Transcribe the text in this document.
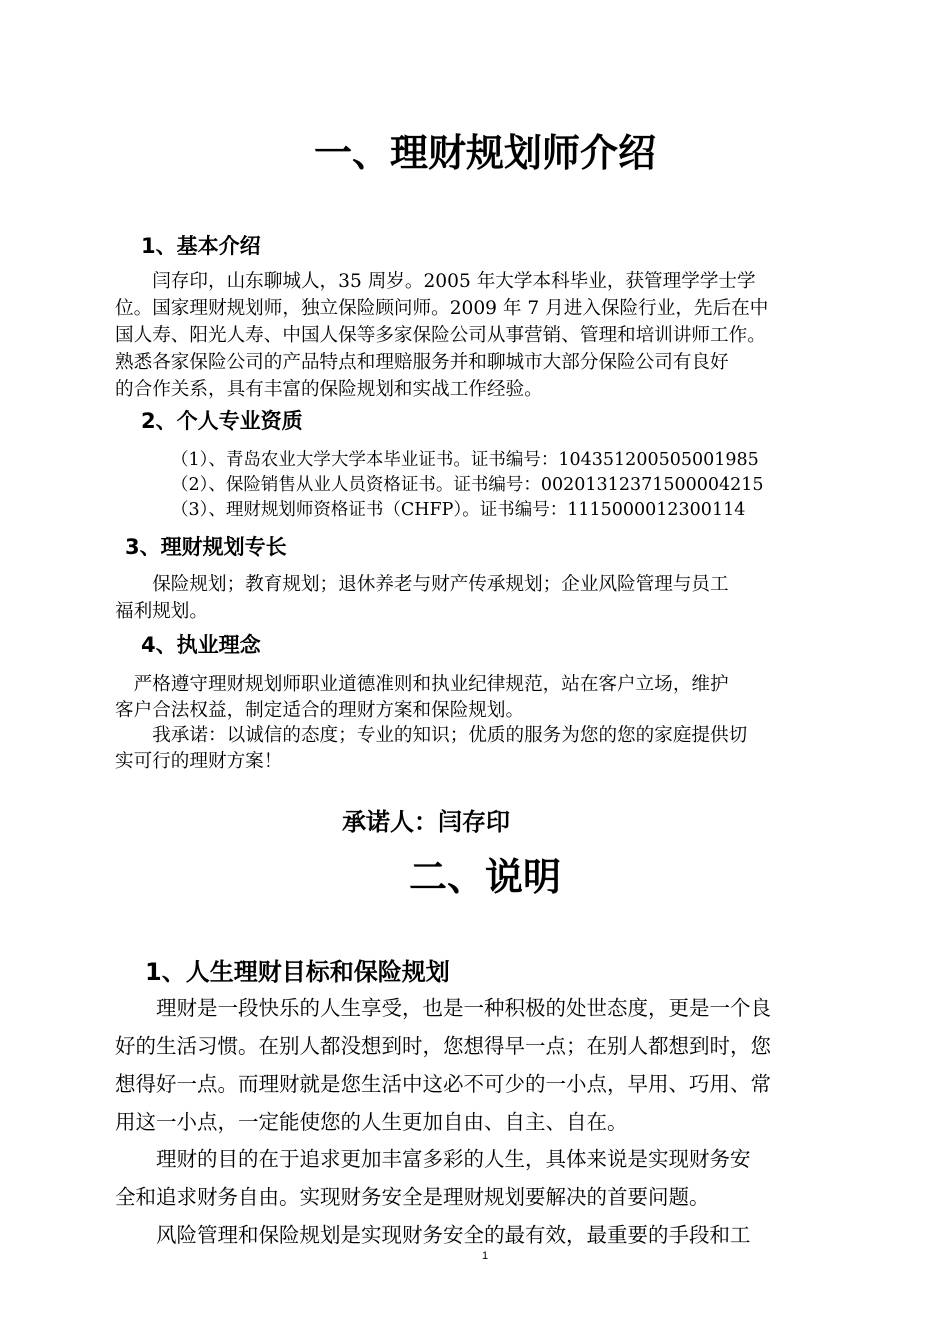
一、理财规划师介绍
1、基本介绍
　　闫存印，山东聊城人，35 周岁。2005 年大学本科毕业，获管理学学士学
位。国家理财规划师，独立保险顾问师。2009 年 7 月进入保险行业，先后在中
国人寿、阳光人寿、中国人保等多家保险公司从事营销、管理和培训讲师工作。
熟悉各家保险公司的产品特点和理赔服务并和聊城市大部分保险公司有良好
的合作关系，具有丰富的保险规划和实战工作经验。
2、个人专业资质
（1）、青岛农业大学大学本毕业证书。证书编号：104351200505001985
（2）、保险销售从业人员资格证书。证书编号：00201312371500004215
（3）、理财规划师资格证书（CHFP）。证书编号：1115000012300114
3、理财规划专长
　　保险规划；教育规划；退休养老与财产传承规划；企业风险管理与员工
福利规划。
4、执业理念
　严格遵守理财规划师职业道德准则和执业纪律规范，站在客户立场，维护
客户合法权益，制定适合的理财方案和保险规划。
　　我承诺：以诚信的态度；专业的知识；优质的服务为您的您的家庭提供切
实可行的理财方案！
承诺人：闫存印
二、说明
1、人生理财目标和保险规划
　　理财是一段快乐的人生享受，也是一种积极的处世态度，更是一个良
好的生活习惯。在别人都没想到时，您想得早一点；在别人都想到时，您
想得好一点。而理财就是您生活中这必不可少的一小点，早用、巧用、常
用这一小点，一定能使您的人生更加自由、自主、自在。
　　理财的目的在于追求更加丰富多彩的人生，具体来说是实现财务安
全和追求财务自由。实现财务安全是理财规划要解决的首要问题。
　　风险管理和保险规划是实现财务安全的最有效，最重要的手段和工
1
